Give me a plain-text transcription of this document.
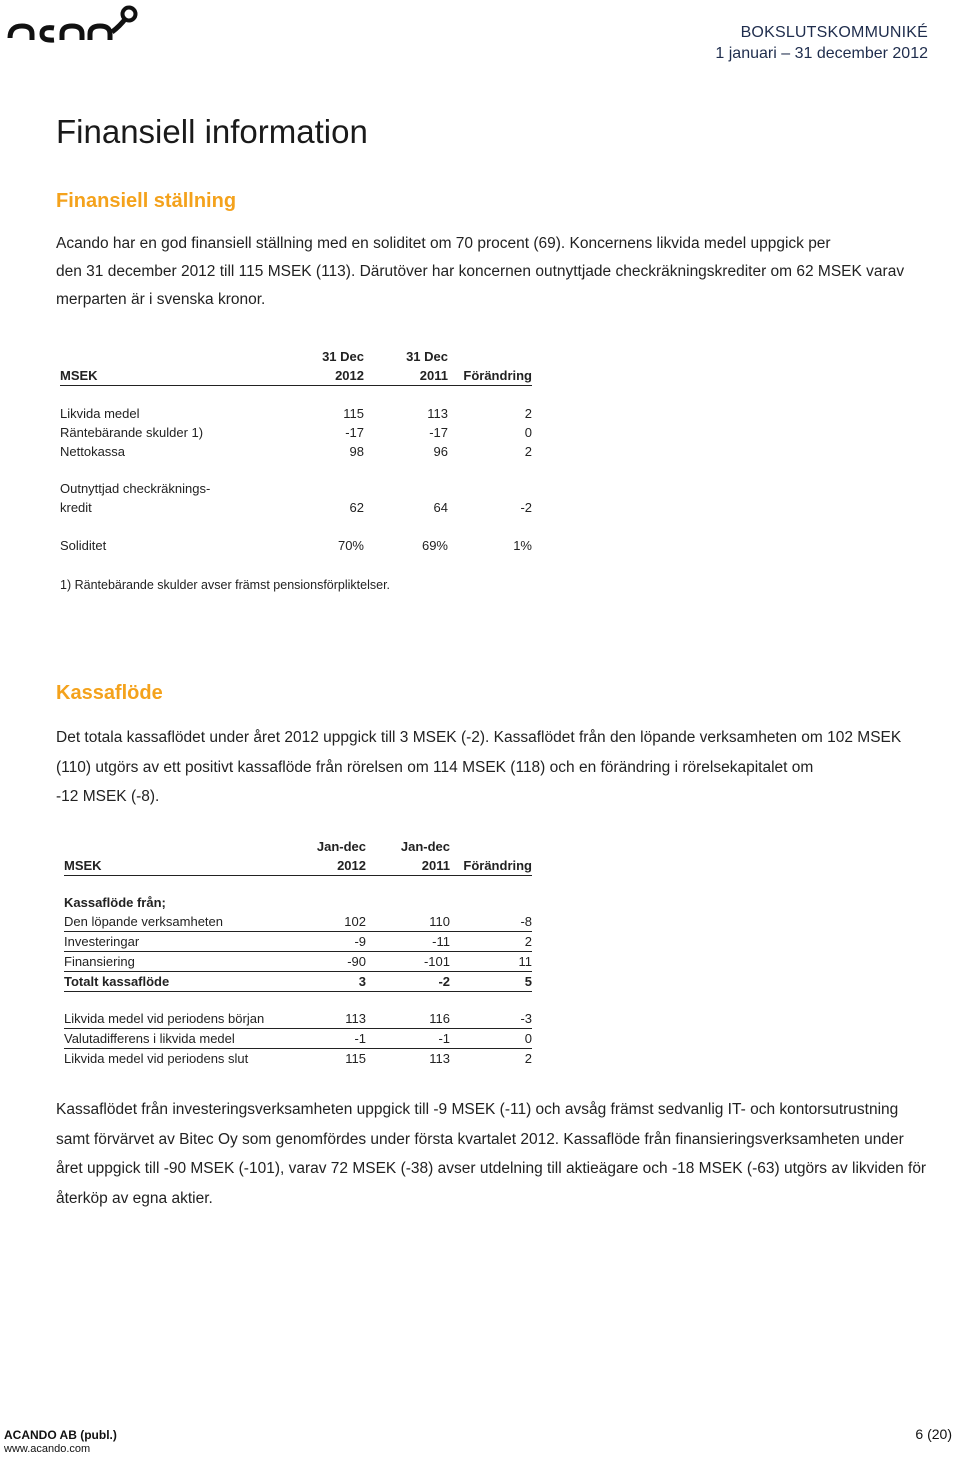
acando
BOKSLUTSKOMMUNIKÉ
1 januari – 31 december 2012
Finansiell information
Finansiell ställning
Acando har en god finansiell ställning med en soliditet om 70 procent (69). Koncernens likvida medel uppgick per
den 31 december 2012 till 115 MSEK (113). Därutöver har koncernen outnyttjade checkräkningskrediter om 62 MSEK varav
merparten är i svenska kronor.
	31 Dec	31 Dec	
MSEK	2012	2011	Förändring

Likvida medel	115	113	2
Räntebärande skulder 1)	-17	-17	0
Nettokassa	98	96	2

Outnyttjad checkräknings-			
kredit	62	64	-2

Soliditet	70%	69%	1%
1) Räntebärande skulder avser främst pensionsförpliktelser.
Kassaflöde
Det totala kassaflödet under året 2012 uppgick till 3 MSEK (-2). Kassaflödet från den löpande verksamheten om 102 MSEK
(110) utgörs av ett positivt kassaflöde från rörelsen om 114 MSEK (118) och en förändring i rörelsekapitalet om
-12 MSEK (-8).
	Jan-dec	Jan-dec	
MSEK	2012	2011	Förändring

Kassaflöde från;			
Den löpande verksamheten	102	110	-8
Investeringar	-9	-11	2
Finansiering	-90	-101	11
Totalt kassaflöde	3	-2	5

Likvida medel vid periodens början	113	116	-3
Valutadifferens i likvida medel	-1	-1	0
Likvida medel vid periodens slut	115	113	2
Kassaflödet från investeringsverksamheten uppgick till -9 MSEK (-11) och avsåg främst sedvanlig IT- och kontorsutrustning
samt förvärvet av Bitec Oy som genomfördes under första kvartalet 2012. Kassaflöde från finansieringsverksamheten under
året uppgick till -90 MSEK (-101), varav 72 MSEK (-38) avser utdelning till aktieägare och -18 MSEK (-63) utgörs av likviden för
återköp av egna aktier.
ACANDO AB (publ.)
www.acando.com
6 (20)
